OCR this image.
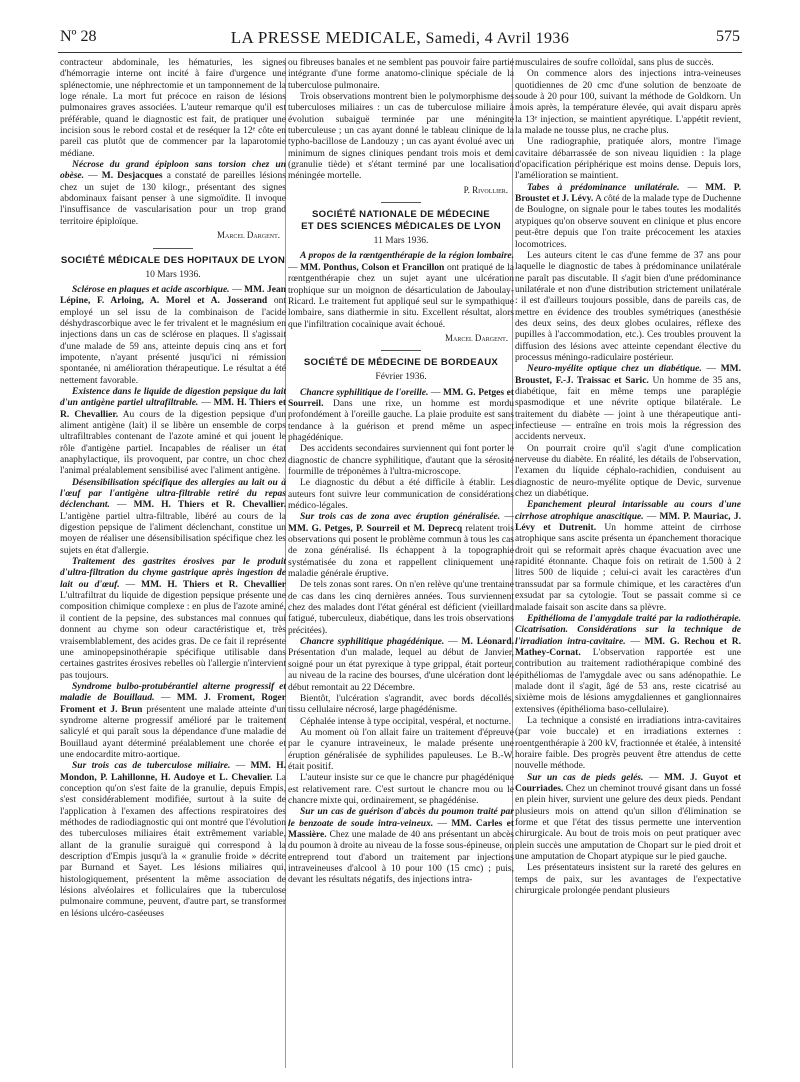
Nº 28	LA PRESSE MEDICALE, Samedi, 4 Avril 1936	575

contracteur abdominale, les hématuries, les signes d'hémorragie interne ont incité à faire d'urgence une splénectomie, une néphrectomie et un tamponnement de la loge rénale. La mort fut précoce en raison de lésions pulmonaires graves associées. L'auteur remarque qu'il est préférable, quand le diagnostic est fait, de pratiquer une incision sous le rebord costal et de reséquer la 12ᵉ côte en pareil cas plutôt que de commencer par la laparotomie médiane.

Nécrose du grand épiploon sans torsion chez un obèse. — M. Desjacques a constaté de pareilles lésions chez un sujet de 130 kilogr., présentant des signes abdominaux faisant penser à une sigmoïdite. Il invoque l'insuffisance de vascularisation pour un trop grand territoire épiploïque.

Marcel Dargent.

SOCIÉTÉ MÉDICALE DES HOPITAUX DE LYON
10 Mars 1936.

Sclérose en plaques et acide ascorbique. — MM. Jean Lépine, F. Arloing, A. Morel et A. Josserand ont employé un sel issu de la combinaison de l'acide déshydrascorbique avec le fer trivalent et le magnésium en injections dans un cas de sclérose en plaques. Il s'agissait d'une malade de 59 ans, atteinte depuis cinq ans et fort impotente, n'ayant présenté jusqu'ici ni rémission spontanée, ni amélioration thérapeutique. Le résultat a été nettement favorable.

Existence dans le liquide de digestion pepsique du lait d'un antigène partiel ultrafiltrable. — MM. H. Thiers et R. Chevallier. Au cours de la digestion pepsique d'un aliment antigène (lait) il se libère un ensemble de corps ultrafiltrables contenant de l'azote aminé et qui jouent le rôle d'antigène partiel. Incapables de réaliser un état anaphylactique, ils provoquent, par contre, un choc chez l'animal préalablement sensibilisé avec l'aliment antigène.

Désensibilisation spécifique des allergies au lait ou à l'œuf par l'antigène ultra-filtrable retiré du repas déclenchant. — MM. H. Thiers et R. Chevallier. L'antigène partiel ultra-filtrable, libéré au cours de la digestion pepsique de l'aliment déclenchant, constitue un moyen de réaliser une désensibilisation spécifique chez les sujets en état d'allergie.

Traitement des gastrites érosives par le produit d'ultra-filtration du chyme gastrique après ingestion de lait ou d'œuf. — MM. H. Thiers et R. Chevallier L'ultrafiltrat du liquide de digestion pepsique présente une composition chimique complexe : en plus de l'azote aminé, il contient de la pepsine, des substances mal connues qui donnent au chyme son odeur caractéristique et, très vraisemblablement, des acides gras. De ce fait il représente une aminopepsinothérapie spécifique utilisable dans certaines gastrites érosives rebelles où l'allergie n'intervient pas toujours.

Syndrome bulbo-protubérantiel alterne progressif et maladie de Bouillaud. — MM. J. Froment, Roger Froment et J. Brun présentent une malade atteinte d'un syndrome alterne progressif amélioré par le traitement salicylé et qui paraît sous la dépendance d'une maladie de Bouillaud ayant déterminé préalablement une chorée et une endocardite mitro-aortique.

Sur trois cas de tuberculose miliaire. — MM. H. Mondon, P. Lahillonne, H. Audoye et L. Chevalier. La conception qu'on s'est faite de la granulie, depuis Empis, s'est considérablement modifiée, surtout à la suite de l'application à l'examen des affections respiratoires des méthodes de radiodiagnostic qui ont montré que l'évolution des tuberculoses miliaires était extrêmement variable, allant de la granulie suraiguë qui correspond à la description d'Empis jusqu'à la « granulie froide » décrite par Burnand et Sayet. Les lésions miliaires qui, histologiquement, présentent la même association de lésions alvéolaires et folliculaires que la tuberculose pulmonaire commune, peuvent, d'autre part, se transformer en lésions ulcéro-caséeuses

ou fibreuses banales et ne semblent pas pouvoir faire partie intégrante d'une forme anatomo-clinique spéciale de la tuberculose pulmonaire.

Trois observations montrent bien le polymorphisme des tuberculoses miliaires : un cas de tuberculose miliaire à évolution subaiguë terminée par une méningite tuberculeuse ; un cas ayant donné le tableau clinique de la typho-bacillose de Landouzy ; un cas ayant évolué avec un minimum de signes cliniques pendant trois mois et demi (granulie tiède) et s'étant terminé par une localisation méningée mortelle.

P. Rivollier.

SOCIÉTÉ NATIONALE DE MÉDECINE
ET DES SCIENCES MÉDICALES DE LYON
11 Mars 1936.

A propos de la rœntgenthérapie de la région lombaire. — MM. Ponthus, Colson et Francillon ont pratiqué de la rœntgenthérapie chez un sujet ayant une ulcération trophique sur un moignon de désarticulation de Jaboulay-Ricard. Le traitement fut appliqué seul sur le sympathique lombaire, sans diathermie in situ. Excellent résultat, alors que l'infiltration cocaïnique avait échoué.

Marcel Dargent.

SOCIÉTÉ DE MÉDECINE DE BORDEAUX
Février 1936.

Chancre syphilitique de l'oreille. — MM. G. Petges et Sourreil. Dans une rixe, un homme est mordu profondément à l'oreille gauche. La plaie produite est sans tendance à la guérison et prend même un aspect phagédénique.

Des accidents secondaires surviennent qui font porter le diagnostic de chancre syphilitique, d'autant que la sérosité fourmille de tréponèmes à l'ultra-microscope.

Le diagnostic du début a été difficile à établir. Les auteurs font suivre leur communication de considérations médico-légales.

Sur trois cas de zona avec éruption généralisée. — MM. G. Petges, P. Sourreil et M. Deprecq relatent trois observations qui posent le problème commun à tous les cas de zona généralisé. Ils échappent à la topographie systématisée du zona et rappellent cliniquement une maladie générale éruptive.

De tels zonas sont rares. On n'en relève qu'une trentaine de cas dans les cinq dernières années. Tous surviennent chez des malades dont l'état général est déficient (vieillard fatigué, tuberculeux, diabétique, dans les trois observations précitées).

Chancre syphilitique phagédénique. — M. Léonard. Présentation d'un malade, lequel au début de Janvier, soigné pour un état pyrexique à type grippal, était porteur, au niveau de la racine des bourses, d'une ulcération dont le début remontait au 22 Décembre.

Bientôt, l'ulcération s'agrandit, avec bords décollés, tissu cellulaire nécrosé, large phagédénisme.

Céphalée intense à type occipital, vespéral, et nocturne.

Au moment où l'on allait faire un traitement d'épreuve par le cyanure intraveineux, le malade présente une éruption généralisée de syphilides papuleuses. Le B.-W. était positif.

L'auteur insiste sur ce que le chancre pur phagédénique est relativement rare. C'est surtout le chancre mou ou le chancre mixte qui, ordinairement, se phagédénise.

Sur un cas de guérison d'abcès du poumon traité par le benzoate de soude intra-veineux. — MM. Carles et Massière. Chez une malade de 40 ans présentant un abcès du poumon à droite au niveau de la fosse sous-épineuse, on entreprend tout d'abord un traitement par injections intraveineuses d'alcool à 10 pour 100 (15 cmc) ; puis, devant les résultats négatifs, des injections intra-

musculaires de soufre colloïdal, sans plus de succès.

On commence alors des injections intra-veineuses quotidiennes de 20 cmc d'une solution de benzoate de soude à 20 pour 100, suivant la méthode de Goldkorn. Un mois après, la température élevée, qui avait disparu après la 13ᵉ injection, se maintient apyrétique. L'appétit revient, la malade ne tousse plus, ne crache plus.

Une radiographie, pratiquée alors, montre l'image cavitaire débarrassée de son niveau liquidien : la plage d'opacification périphérique est moins dense. Depuis lors, l'amélioration se maintient.

Tabes à prédominance unilatérale. — MM. P. Broustet et J. Lévy. A côté de la malade type de Duchenne de Boulogne, on signale pour le tabes toutes les modalités atypiques qu'on observe souvent en clinique et plus encore peut-être depuis que l'on traite précocement les ataxies locomotrices.

Les auteurs citent le cas d'une femme de 37 ans pour laquelle le diagnostic de tabes à prédominance unilatérale ne paraît pas discutable. Il s'agit bien d'une prédominance unilatérale et non d'une distribution strictement unilatérale : il est d'ailleurs toujours possible, dans de pareils cas, de mettre en évidence des troubles symétriques (anesthésie des deux seins, des deux globes oculaires, réflexe des pupilles à l'accommodation, etc.). Ces troubles prouvent la diffusion des lésions avec atteinte cependant élective du processus méningo-radiculaire postérieur.

Neuro-myélite optique chez un diabétique. — MM. Broustet, F.-J. Traissac et Saric. Un homme de 35 ans, diabétique, fait en même temps une paraplégie spasmodique et une névrite optique bilatérale. Le traitement du diabète — joint à une thérapeutique anti-infectieuse — entraîne en trois mois la régression des accidents nerveux.

On pourrait croire qu'il s'agit d'une complication nerveuse du diabète. En réalité, les détails de l'observation, l'examen du liquide céphalo-rachidien, conduisent au diagnostic de neuro-myélite optique de Devic, survenue chez un diabétique.

Epanchement pleural intarissable au cours d'une cirrhose atrophique anascitique. — MM. P. Mauriac, J. Lévy et Dutrenit. Un homme atteint de cirrhose atrophique sans ascite présenta un épanchement thoracique droit qui se reformait après chaque évacuation avec une rapidité étonnante. Chaque fois on retirait de 1.500 à 2 litres 500 de liquide ; celui-ci avait les caractères d'un transsudat par sa formule chimique, et les caractères d'un exsudat par sa cytologie. Tout se passait comme si ce malade faisait son ascite dans sa plèvre.

Epithélioma de l'amygdale traité par la radiothérapie. Cicatrisation. Considérations sur la technique de l'irradiation intra-cavitaire. — MM. G. Rechou et R. Mathey-Cornat. L'observation rapportée est une contribution au traitement radiothérapique combiné des épithéliomas de l'amygdale avec ou sans adénopathie. Le malade dont il s'agit, âgé de 53 ans, reste cicatrisé au sixième mois de lésions amygdaliennes et ganglionnaires extensives (épithélioma baso-cellulaire).

La technique a consisté en irradiations intra-cavitaires (par voie buccale) et en irradiations externes : roentgenthérapie à 200 kV, fractionnée et étalée, à intensité horaire faible. Des progrès peuvent être attendus de cette nouvelle méthode.

Sur un cas de pieds gelés. — MM. J. Guyot et Courriades. Chez un cheminot trouvé gisant dans un fossé en plein hiver, survient une gelure des deux pieds. Pendant plusieurs mois on attend qu'un sillon d'élimination se forme et que l'état des tissus permette une intervention chirurgicale. Au bout de trois mois on peut pratiquer avec plein succès une amputation de Chopart sur le pied droit et une amputation de Chopart atypique sur le pied gauche.

Les présentateurs insistent sur la rareté des gelures en temps de paix, sur les avantages de l'expectative chirurgicale prolongée pendant plusieurs
